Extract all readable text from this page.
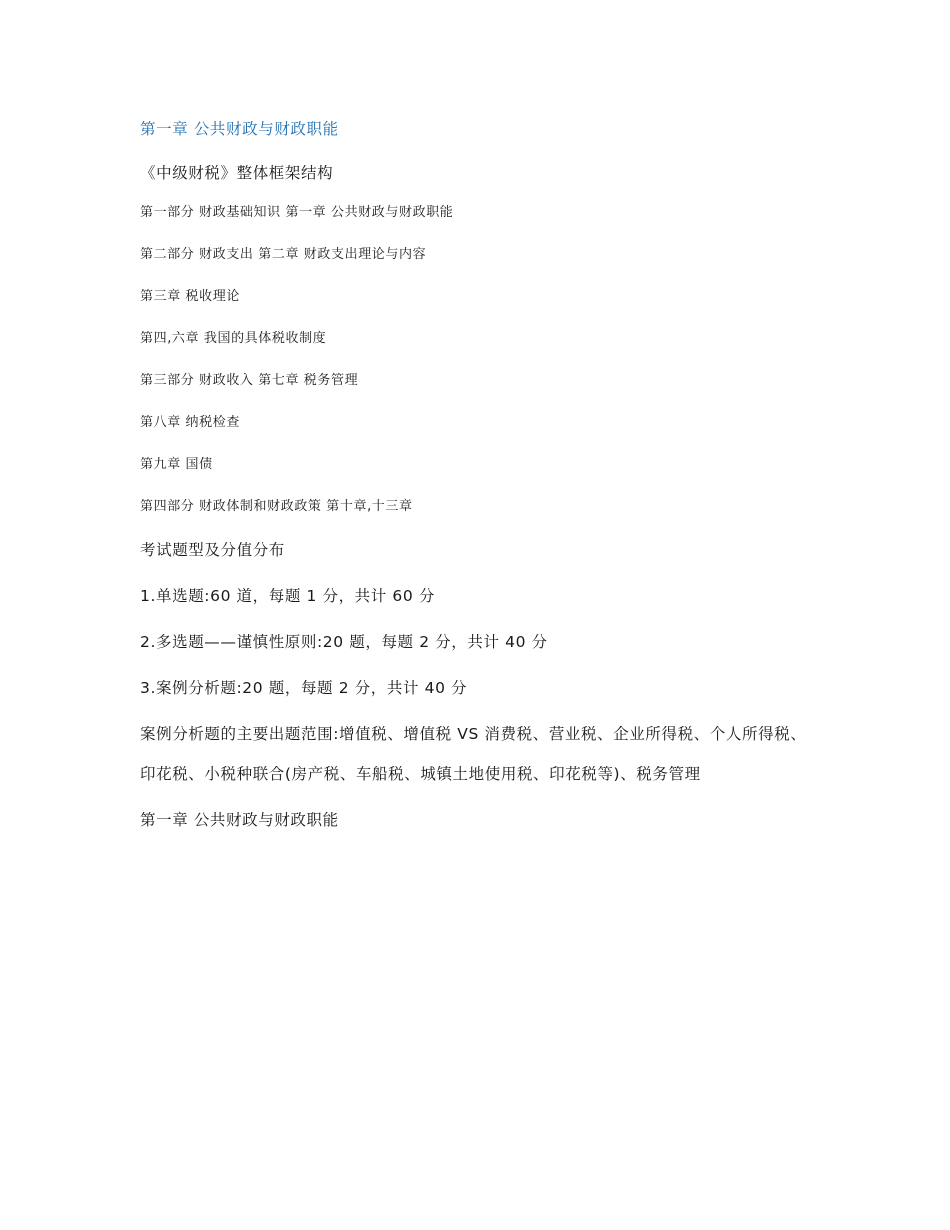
第一章 公共财政与财政职能
《中级财税》整体框架结构
第一部分 财政基础知识 第一章 公共财政与财政职能
第二部分 财政支出 第二章 财政支出理论与内容
第三章 税收理论
第四,六章 我国的具体税收制度
第三部分 财政收入 第七章 税务管理
第八章 纳税检查
第九章 国债
第四部分 财政体制和财政政策 第十章,十三章
考试题型及分值分布
1.单选题:60 道，每题 1 分，共计 60 分
2.多选题——谨慎性原则:20 题，每题 2 分，共计 40 分
3.案例分析题:20 题，每题 2 分，共计 40 分
案例分析题的主要出题范围:增值税、增值税 VS 消费税、营业税、企业所得税、个人所得税、
印花税、小税种联合(房产税、车船税、城镇土地使用税、印花税等)、税务管理
第一章 公共财政与财政职能
